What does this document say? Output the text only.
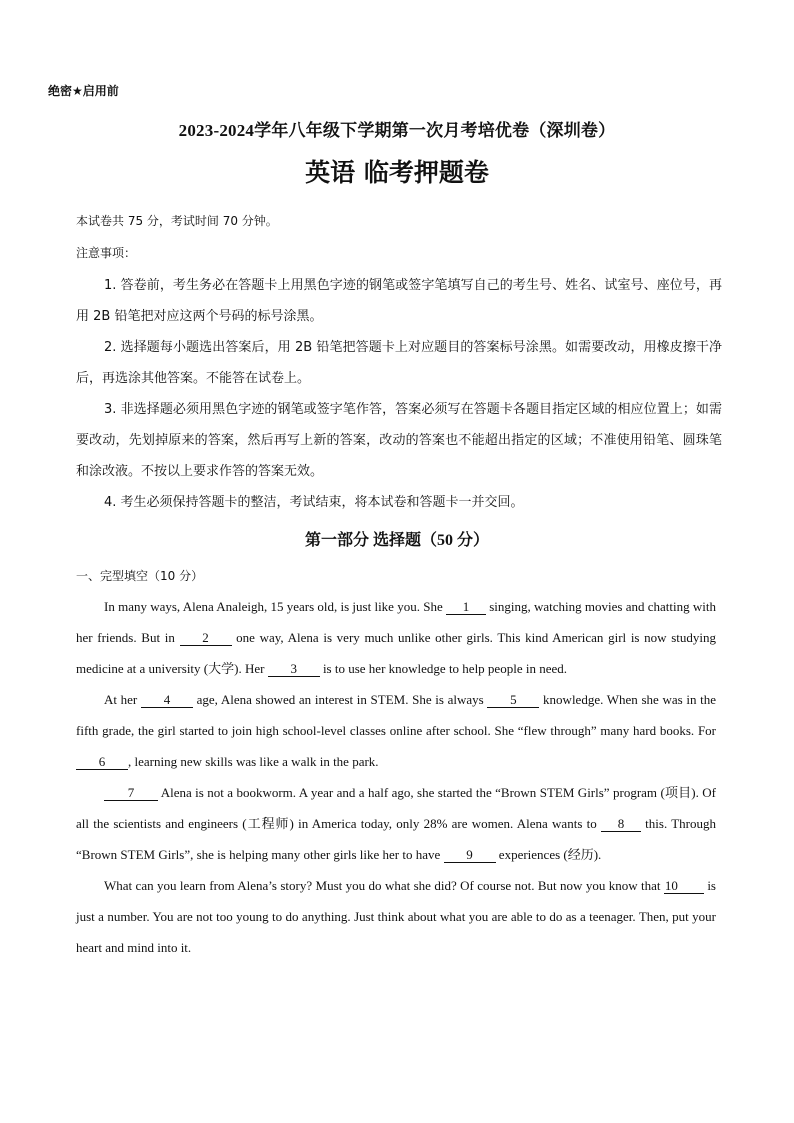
绝密★启用前
2023-2024学年八年级下学期第一次月考培优卷（深圳卷）
英语 临考押题卷
本试卷共 75 分，考试时间 70 分钟。
注意事项：

1. 答卷前，考生务必在答题卡上用黑色字迹的钢笔或签字笔填写自己的考生号、姓名、试室号、座位号，再用 2B 铅笔把对应这两个号码的标号涂黑。

2. 选择题每小题选出答案后，用 2B 铅笔把答题卡上对应题目的答案标号涂黑。如需要改动，用橡皮擦干净后，再选涂其他答案。不能答在试卷上。

3. 非选择题必须用黑色字迹的钢笔或签字笔作答，答案必须写在答题卡各题目指定区域的相应位置上；如需要改动，先划掉原来的答案，然后再写上新的答案，改动的答案也不能超出指定的区域；不准使用铅笔、圆珠笔和涂改液。不按以上要求作答的答案无效。

4. 考生必须保持答题卡的整洁，考试结束，将本试卷和答题卡一并交回。

第一部分 选择题（50 分）
一、完型填空（10 分）

In many ways, Alena Analeigh, 15 years old, is just like you. She 1 singing, watching movies and chatting with her friends. But in 2 one way, Alena is very much unlike other girls. This kind American girl is now studying medicine at a university (大学). Her 3 is to use her knowledge to help people in need.

At her 4 age, Alena showed an interest in STEM. She is always 5 knowledge. When she was in the fifth grade, the girl started to join high school-level classes online after school. She “flew through” many hard books. For 6 , learning new skills was like a walk in the park.

7 Alena is not a bookworm. A year and a half ago, she started the “Brown STEM Girls” program (项目). Of all the scientists and engineers (工程师) in America today, only 28% are women. Alena wants to 8 this. Through “Brown STEM Girls”, she is helping many other girls like her to have 9 experiences (经历).

What can you learn from Alena’s story? Must you do what she did? Of course not. But now you know that 10 is just a number. You are not too young to do anything. Just think about what you are able to do as a teenager. Then, put your heart and mind into it.
